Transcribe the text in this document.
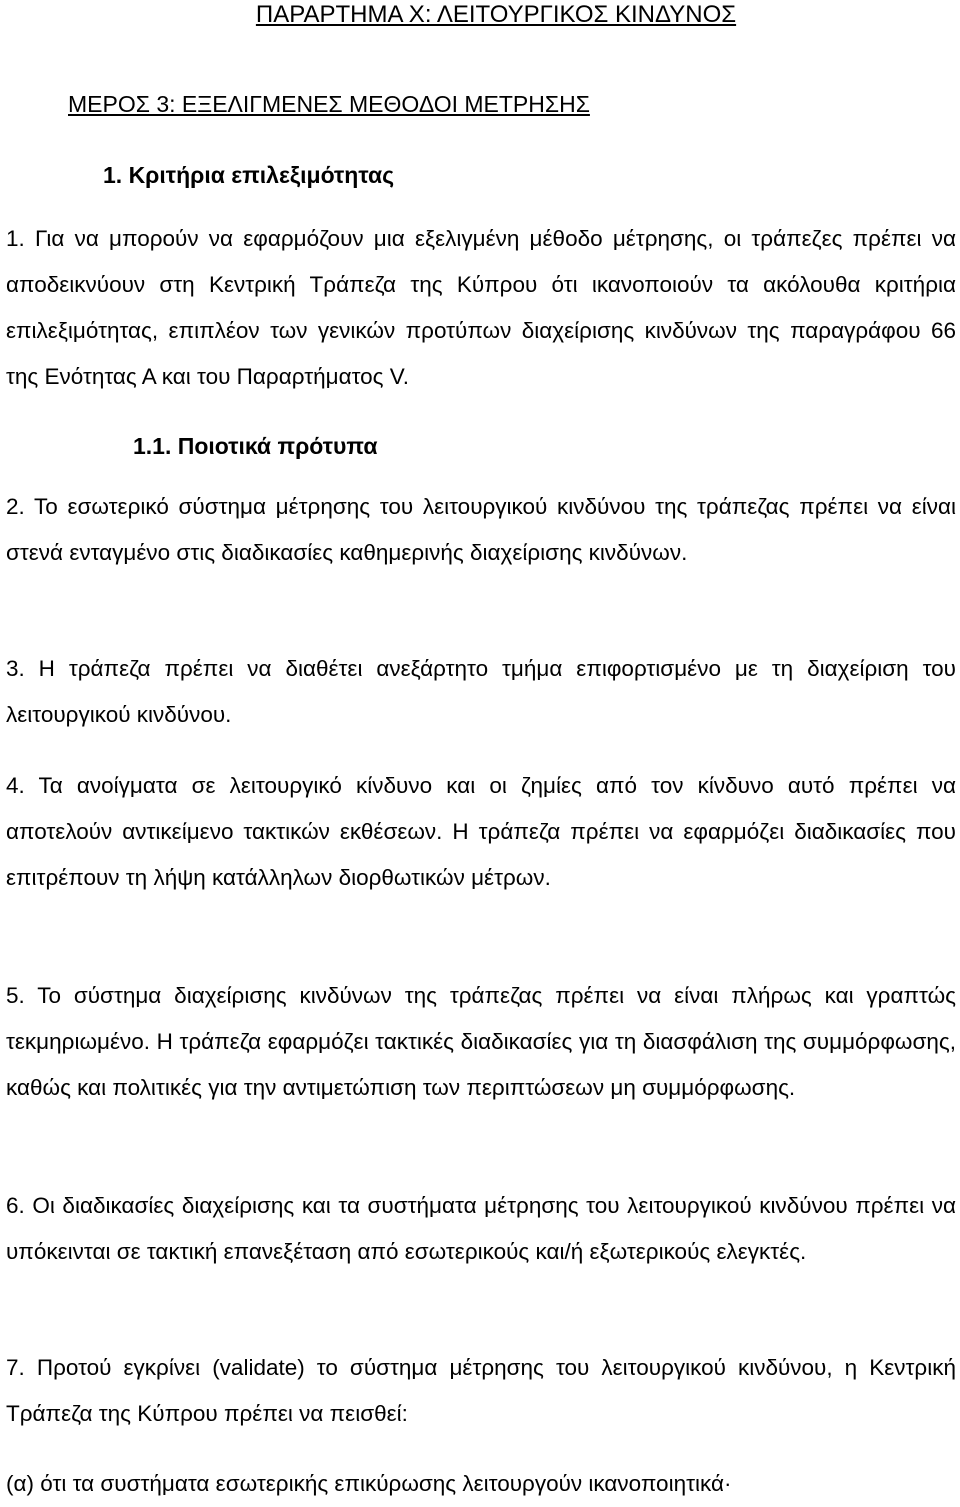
ΠΑΡΑΡΤΗΜΑ Χ: ΛΕΙΤΟΥΡΓΙΚΟΣ ΚΙΝΔΥΝΟΣ
ΜΕΡΟΣ 3: ΕΞΕΛΙΓΜΕΝΕΣ ΜΕΘΟΔΟΙ ΜΕΤΡΗΣΗΣ
1. Κριτήρια επιλεξιμότητας

1. Για να μπορούν να εφαρμόζουν μια εξελιγμένη μέθοδο μέτρησης, οι τράπεζες πρέπει να αποδεικνύουν στη Κεντρική Τράπεζα της Κύπρου ότι ικανοποιούν τα ακόλουθα κριτήρια επιλεξιμότητας, επιπλέον των γενικών προτύπων διαχείρισης κινδύνων της παραγράφου 66 της Ενότητας Α και του Παραρτήματος V.

1.1. Ποιοτικά πρότυπα

2. Το εσωτερικό σύστημα μέτρησης του λειτουργικού κινδύνου της τράπεζας πρέπει να είναι στενά ενταγμένο στις διαδικασίες καθημερινής διαχείρισης κινδύνων.

3. Η τράπεζα πρέπει να διαθέτει ανεξάρτητο τμήμα επιφορτισμένο με τη διαχείριση του λειτουργικού κινδύνου.

4. Τα ανοίγματα σε λειτουργικό κίνδυνο και οι ζημίες από τον κίνδυνο αυτό πρέπει να αποτελούν αντικείμενο τακτικών εκθέσεων. Η τράπεζα πρέπει να εφαρμόζει διαδικασίες που επιτρέπουν τη λήψη κατάλληλων διορθωτικών μέτρων.

5. Το σύστημα διαχείρισης κινδύνων της τράπεζας πρέπει να είναι πλήρως και γραπτώς τεκμηριωμένο. Η τράπεζα εφαρμόζει τακτικές διαδικασίες για τη διασφάλιση της συμμόρφωσης, καθώς και πολιτικές για την αντιμετώπιση των περιπτώσεων μη συμμόρφωσης.

6. Οι διαδικασίες διαχείρισης και τα συστήματα μέτρησης του λειτουργικού κινδύνου πρέπει να υπόκεινται σε τακτική επανεξέταση από εσωτερικούς και/ή εξωτερικούς ελεγκτές.

7. Προτού εγκρίνει (validate) το σύστημα μέτρησης του λειτουργικού κινδύνου, η Κεντρική Τράπεζα της Κύπρου πρέπει να πεισθεί:

(α) ότι τα συστήματα εσωτερικής επικύρωσης λειτουργούν ικανοποιητικά·
